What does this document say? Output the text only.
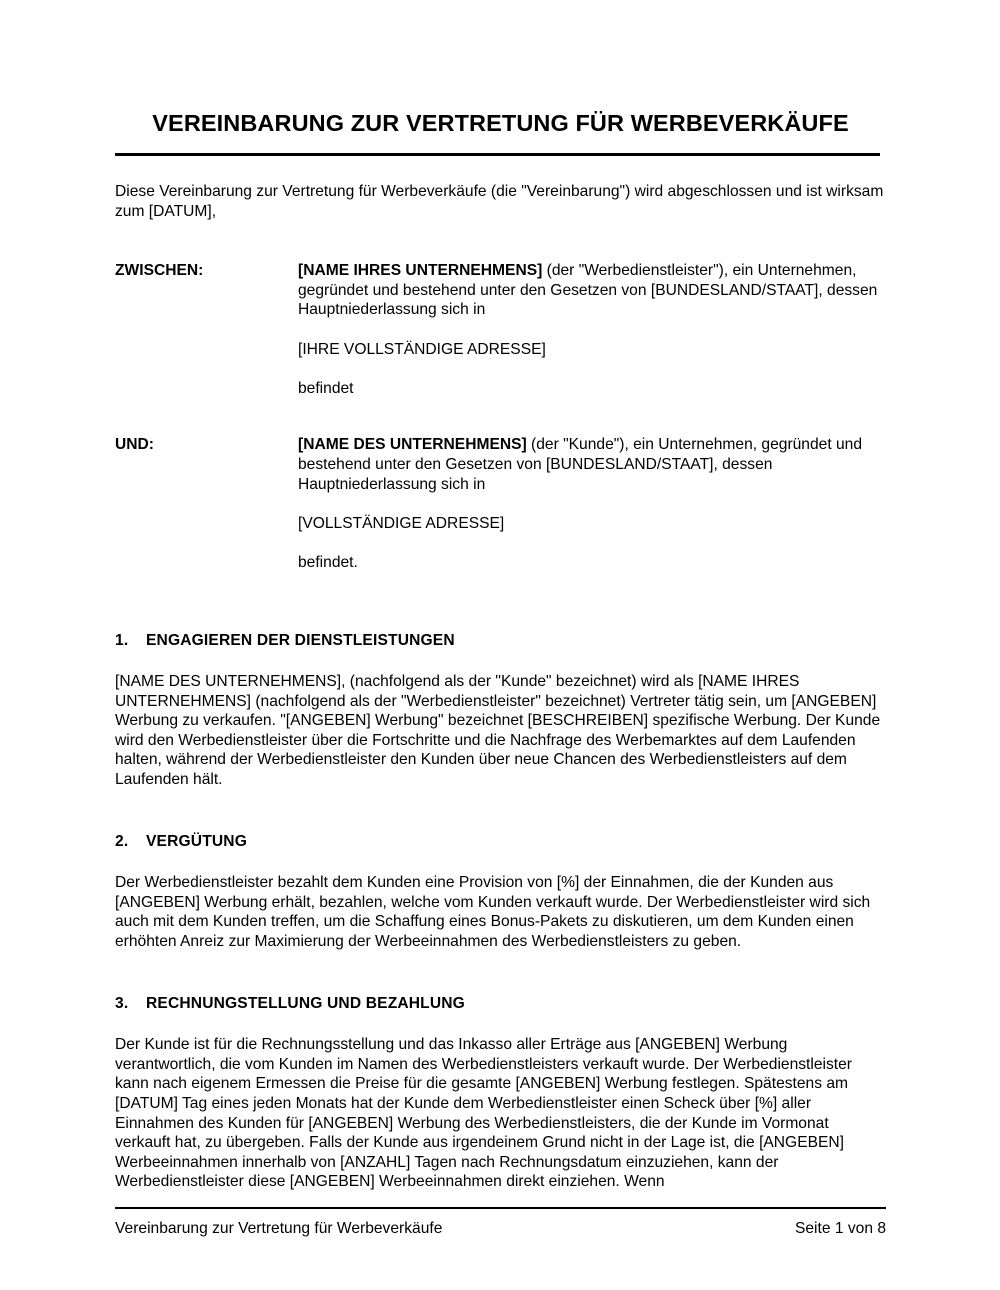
VEREINBARUNG ZUR VERTRETUNG FÜR WERBEVERKÄUFE

Diese Vereinbarung zur Vertretung für Werbeverkäufe (die "Vereinbarung") wird abgeschlossen und ist wirksam zum [DATUM],

ZWISCHEN:	[NAME IHRES UNTERNEHMENS] (der "Werbedienstleister"), ein Unternehmen, gegründet und bestehend unter den Gesetzen von [BUNDESLAND/STAAT], dessen Hauptniederlassung sich in
[IHRE VOLLSTÄNDIGE ADRESSE]
befindet
UND:	[NAME DES UNTERNEHMENS] (der "Kunde"), ein Unternehmen, gegründet und bestehend unter den Gesetzen von [BUNDESLAND/STAAT], dessen Hauptniederlassung sich in
[VOLLSTÄNDIGE ADRESSE]
befindet.
1.	ENGAGIEREN DER DIENSTLEISTUNGEN

[NAME DES UNTERNEHMENS], (nachfolgend als der "Kunde" bezeichnet) wird als [NAME IHRES UNTERNEHMENS] (nachfolgend als der "Werbedienstleister" bezeichnet) Vertreter tätig sein, um [ANGEBEN] Werbung zu verkaufen. "[ANGEBEN] Werbung" bezeichnet [BESCHREIBEN] spezifische Werbung. Der Kunde wird den Werbedienstleister über die Fortschritte und die Nachfrage des Werbemarktes auf dem Laufenden halten, während der Werbedienstleister den Kunden über neue Chancen des Werbedienstleisters auf dem Laufenden hält.

2.	VERGÜTUNG

Der Werbedienstleister bezahlt dem Kunden eine Provision von [%] der Einnahmen, die der Kunden aus [ANGEBEN] Werbung erhält, bezahlen, welche vom Kunden verkauft wurde. Der Werbedienstleister wird sich auch mit dem Kunden treffen, um die Schaffung eines Bonus-Pakets zu diskutieren, um dem Kunden einen erhöhten Anreiz zur Maximierung der Werbeeinnahmen des Werbedienstleisters zu geben.

3.	RECHNUNGSTELLUNG UND BEZAHLUNG

Der Kunde ist für die Rechnungsstellung und das Inkasso aller Erträge aus [ANGEBEN] Werbung verantwortlich, die vom Kunden im Namen des Werbedienstleisters verkauft wurde. Der Werbedienstleister kann nach eigenem Ermessen die Preise für die gesamte [ANGEBEN] Werbung festlegen. Spätestens am [DATUM] Tag eines jeden Monats hat der Kunde dem Werbedienstleister einen Scheck über [%] aller Einnahmen des Kunden für [ANGEBEN] Werbung des Werbedienstleisters, die der Kunde im Vormonat verkauft hat, zu übergeben. Falls der Kunde aus irgendeinem Grund nicht in der Lage ist, die [ANGEBEN] Werbeeinnahmen innerhalb von [ANZAHL] Tagen nach Rechnungsdatum einzuziehen, kann der Werbedienstleister diese [ANGEBEN] Werbeeinnahmen direkt einziehen. Wenn

Vereinbarung zur Vertretung für Werbeverkäufe	Seite 1 von 8
